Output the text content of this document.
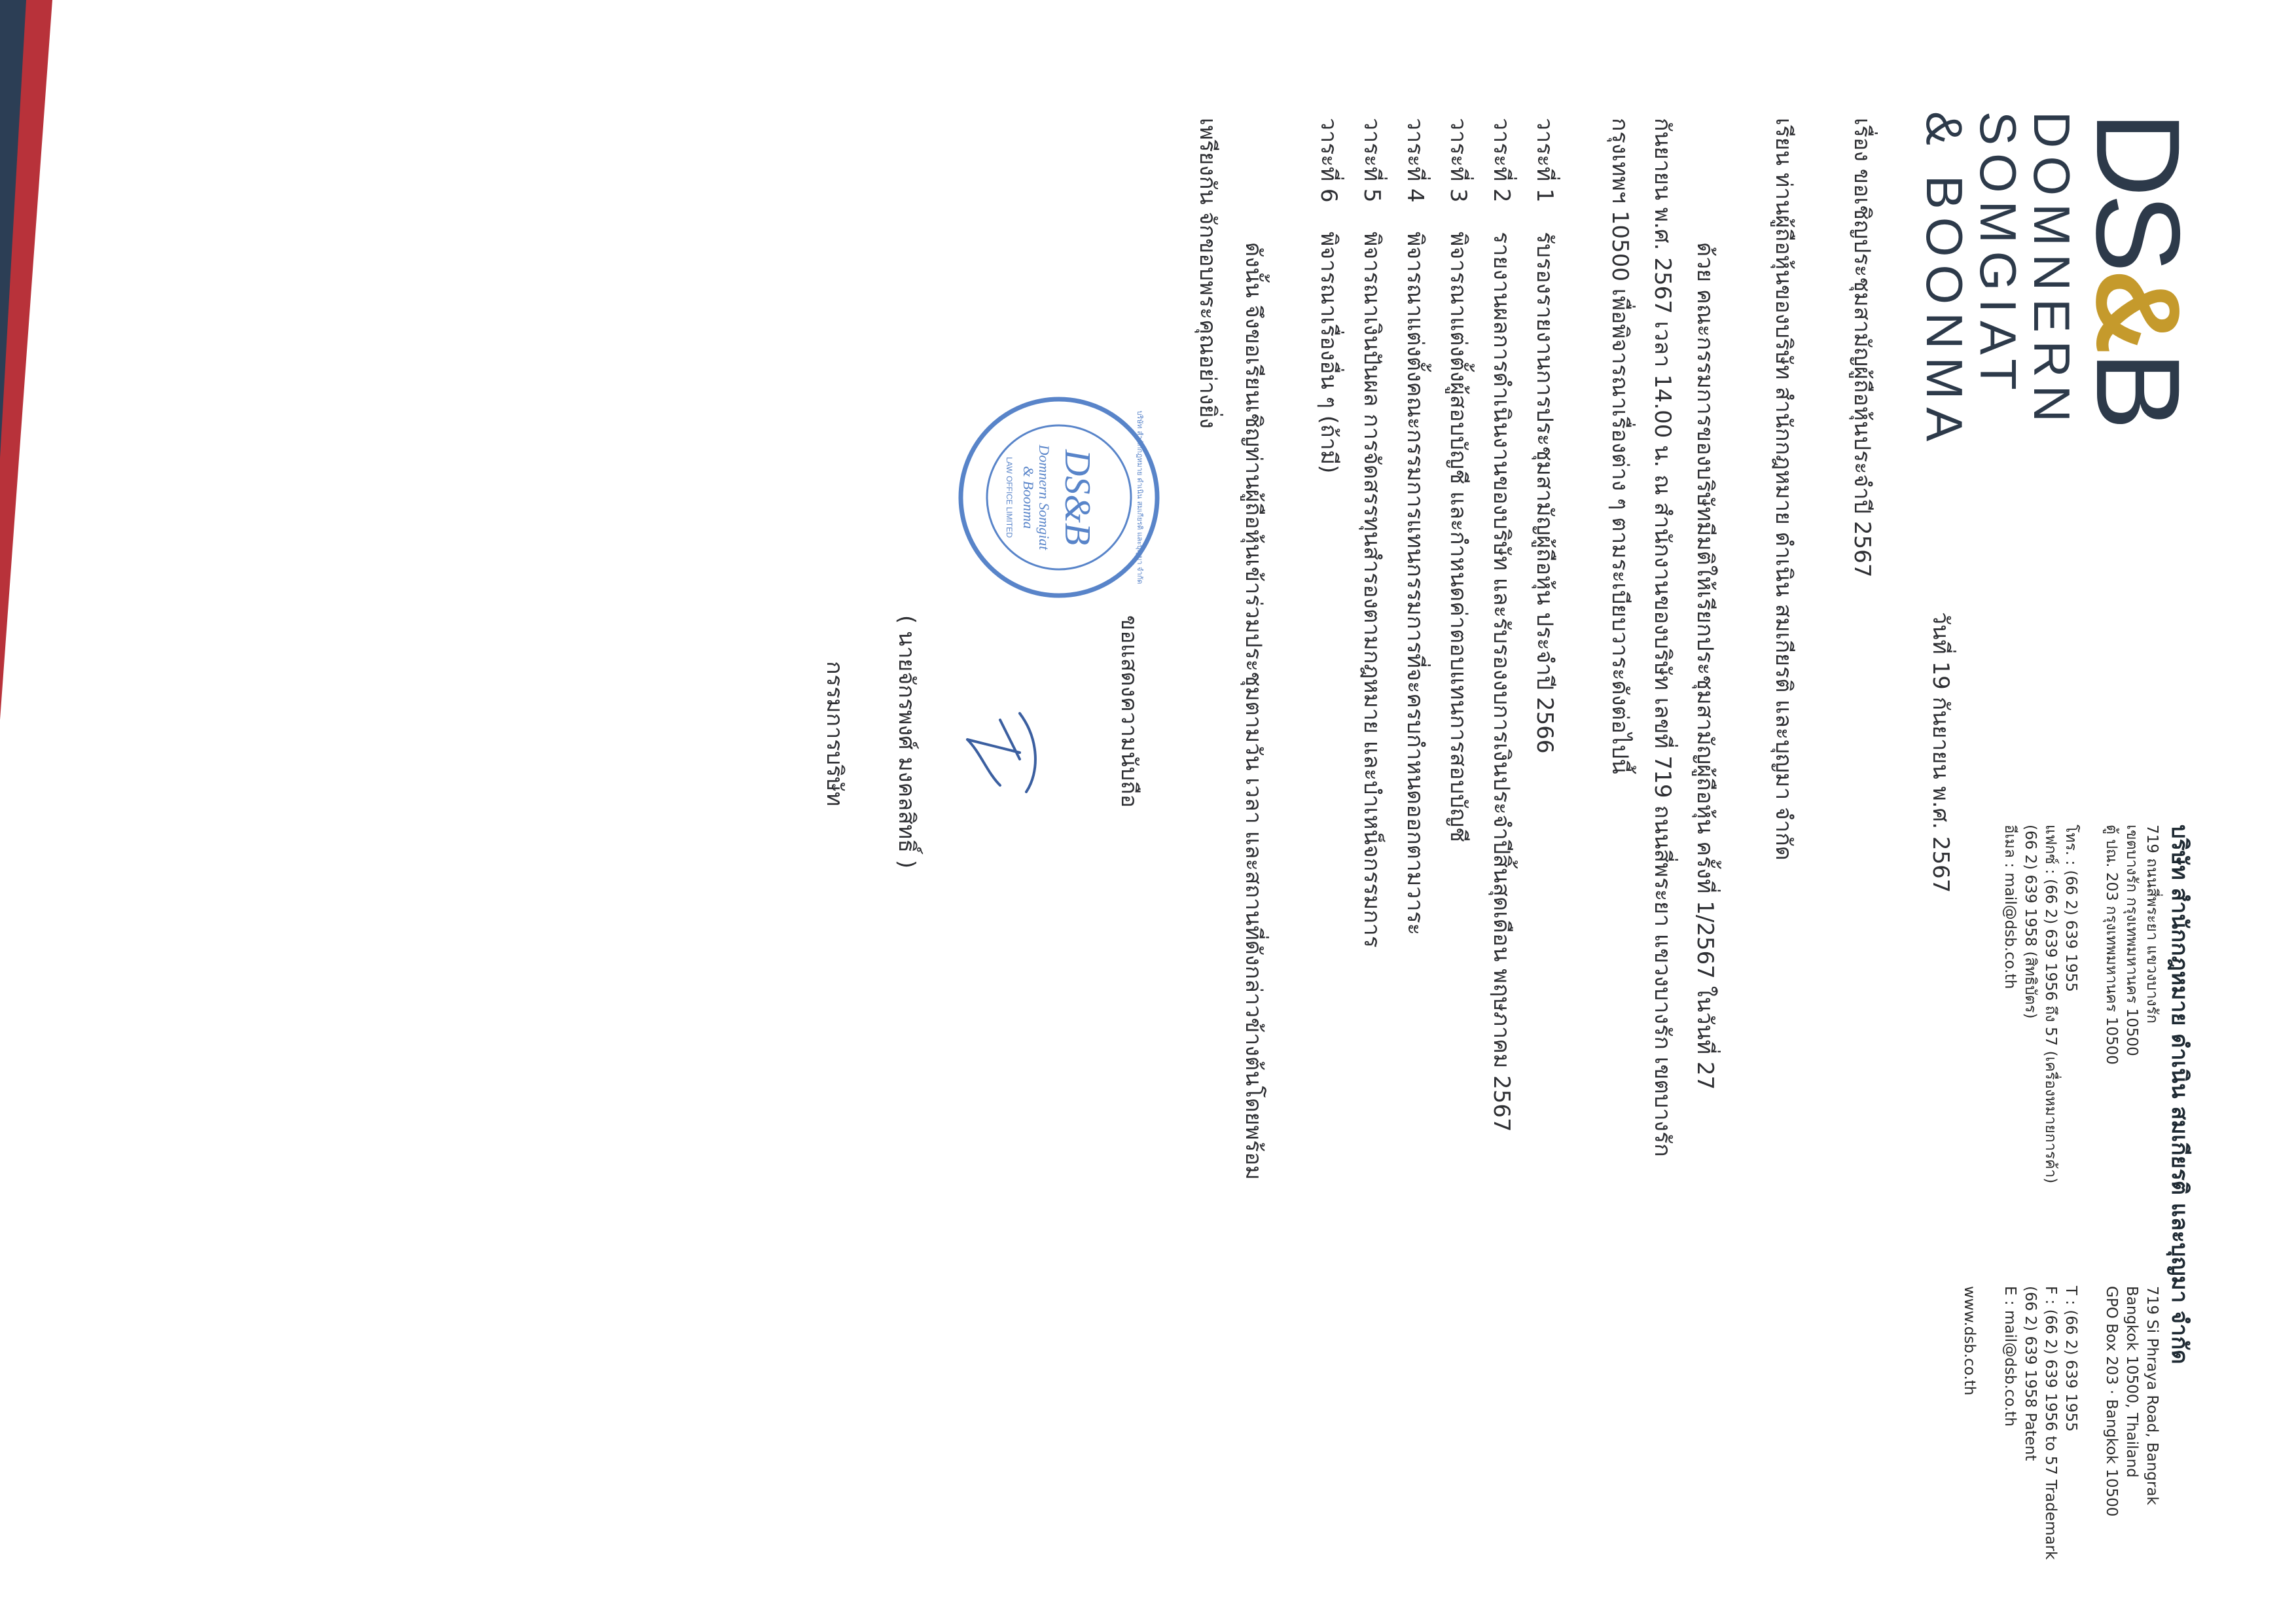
DS&B
DOMNERN
SOMGIAT
& BOONMA
บริษัท สำนักกฎหมาย ดำเนิน สมเกียรติ และบุญมา จำกัด
719 ถนนสี่พระยา แขวงบางรัก
เขตบางรัก กรุงเทพมหานคร 10500
ตู้ ปณ. 203 กรุงเทพมหานคร 10500

โทร. : (66 2) 639 1955
แฟกซ์ : (66 2) 639 1956 ถึง 57 (เครื่องหมายการค้า)
(66 2) 639 1958 (สิทธิบัตร)
อีเมล : mail@dsb.co.th
719 Si Phraya Road, Bangrak
Bangkok 10500, Thailand
GPO Box 203 · Bangkok 10500

T : (66 2) 639 1955
F : (66 2) 639 1956 to 57 Trademark
(66 2) 639 1958 Patent
E : mail@dsb.co.th

www.dsb.co.th
วันที่ 19 กันยายน พ.ศ. 2567
เรื่อง ขอเชิญประชุมสามัญผู้ถือหุ้นประจำปี 2567
เรียน ท่านผู้ถือหุ้นของบริษัท สำนักกฎหมาย ดำเนิน สมเกียรติ และบุญมา จำกัด
ด้วย คณะกรรมการของบริษัทมีมติให้เรียกประชุมสามัญผู้ถือหุ้น ครั้งที่ 1/2567 ในวันที่ 27
กันยายน พ.ศ. 2567 เวลา 14.00 น. ณ สำนักงานของบริษัท เลขที่ 719 ถนนสี่พระยา แขวงบางรัก เขตบางรัก
กรุงเทพฯ 10500 เพื่อพิจารณาเรื่องต่าง ๆ ตามระเบียบวาระดังต่อไปนี้
วาระที่ 1
รับรองรายงานการประชุมสามัญผู้ถือหุ้น ประจำปี 2566
วาระที่ 2
รายงานผลการดำเนินงานของบริษัท และรับรองงบการเงินประจำปีสิ้นสุดเดือน พฤษภาคม 2567
วาระที่ 3
พิจารณาแต่งตั้งผู้สอบบัญชี และกำหนดค่าตอบแทนการสอบบัญชี
วาระที่ 4
พิจารณาแต่งตั้งคณะกรรมการแทนกรรมการที่จะครบกำหนดออกตามวาระ
วาระที่ 5
พิจารณาเงินปันผล การจัดสรรทุนสำรองตามกฎหมาย และบำเหน็จกรรมการ
วาระที่ 6
พิจารณาเรื่องอื่น ๆ (ถ้ามี)
ดังนั้น จึงขอเรียนเชิญท่านผู้ถือหุ้นเข้าร่วมประชุมตามวัน เวลา และสถานที่ดังกล่าวข้างต้นโดยพร้อม
เพรียงกัน จักขอบพระคุณอย่างยิ่ง
DS&B
Domnern Somgiat
& Boonma
LAW OFFICE LIMITED	บริษัท สำนักกฎหมาย ดำเนิน สมเกียรติ และบุญมา จำกัด
ขอแสดงความนับถือ
( นายจักรพงศ์ มงคลสิทธิ์ )
กรรมการบริษัท
